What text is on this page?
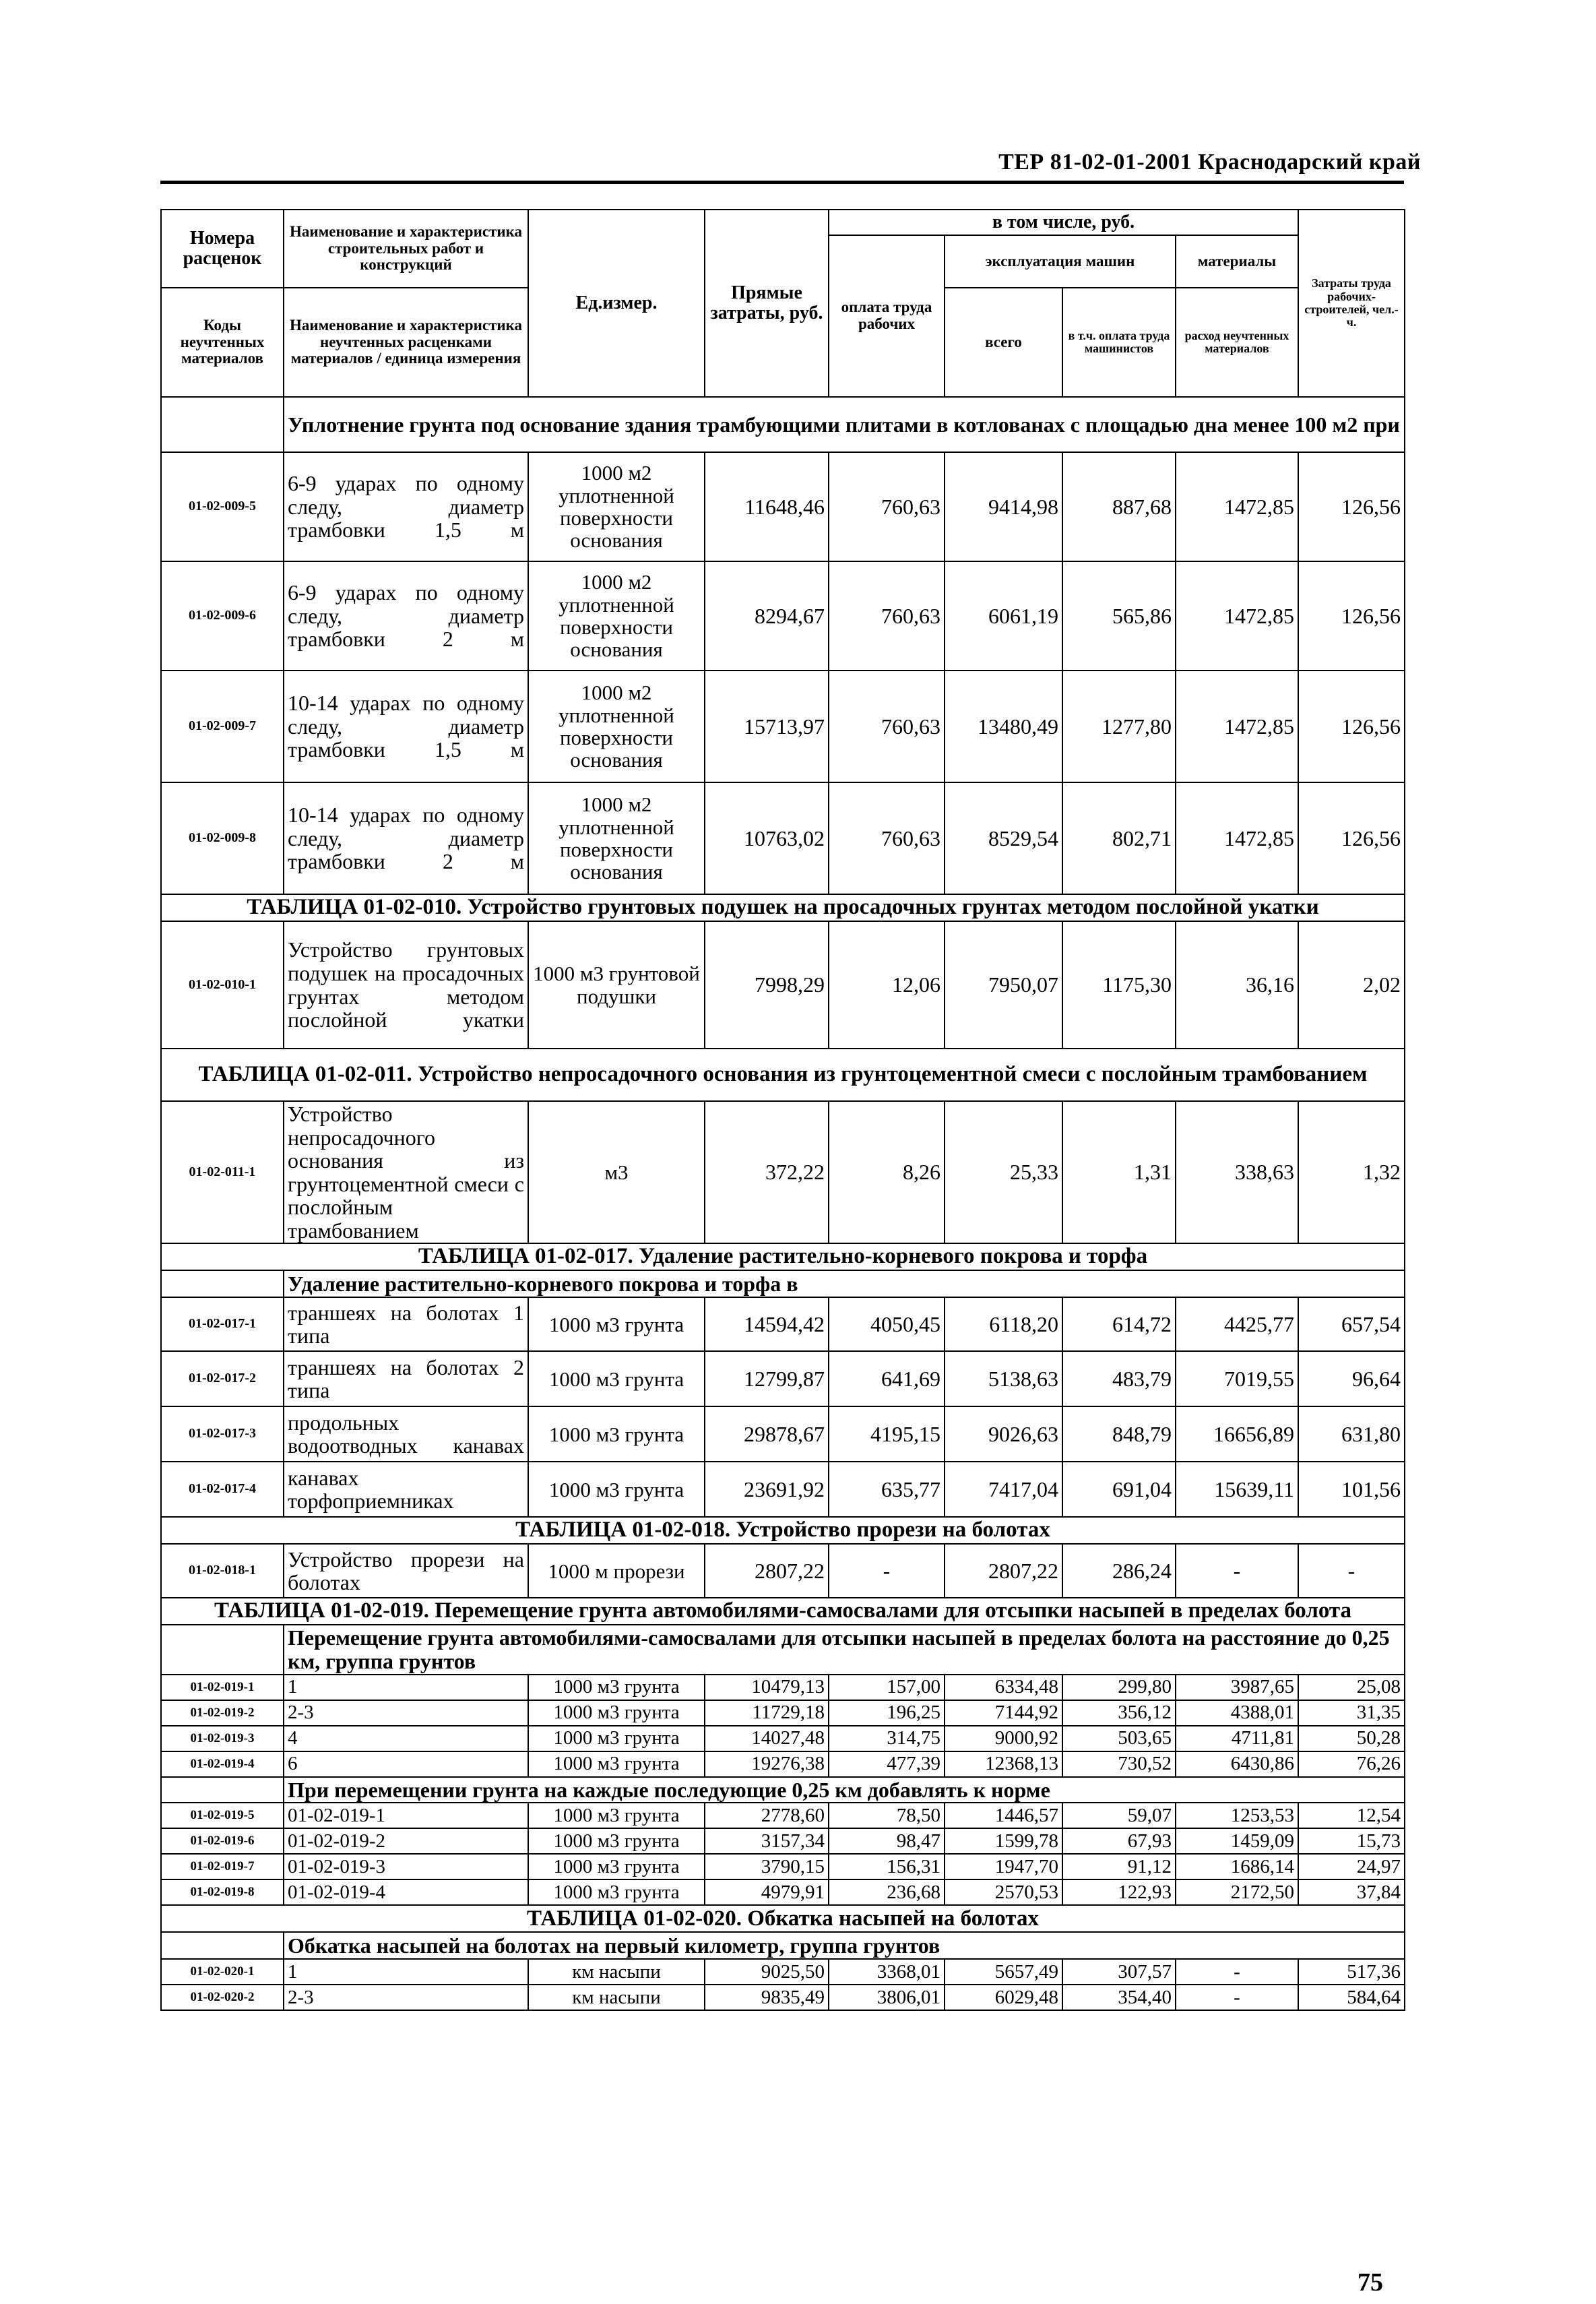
ТЕР 81-02-01-2001 Краснодарский край
Номера расценок	Наименование и характеристика строительных работ и конструкций	Ед.измер.	Прямые затраты, руб.	в том числе, руб.				Затраты труда рабочих-строителей, чел.-ч.
				оплата труда рабочих	эксплуатация машин		материалы	
Коды неучтенных материалов	Наименование и характеристика неучтенных расценками материалов / единица измерения				всего	в т.ч. оплата труда машинистов	расход неучтенных материалов	

	Уплотнение грунта под основание здания трамбующими плитами в котлованах с площадью дна менее 100 м2 при							
01-02-009-5	6-9 ударах по одному следу, диаметр трамбовки 1,5 м	1000 м2 уплотненной поверхности основания	11648,46	760,63	9414,98	887,68	1472,85	126,56
01-02-009-6	6-9 ударах по одному следу, диаметр трамбовки 2 м	1000 м2 уплотненной поверхности основания	8294,67	760,63	6061,19	565,86	1472,85	126,56
01-02-009-7	10-14 ударах по одному следу, диаметр трамбовки 1,5 м	1000 м2 уплотненной поверхности основания	15713,97	760,63	13480,49	1277,80	1472,85	126,56
01-02-009-8	10-14 ударах по одному следу, диаметр трамбовки 2 м	1000 м2 уплотненной поверхности основания	10763,02	760,63	8529,54	802,71	1472,85	126,56
ТАБЛИЦА 01-02-010. Устройство грунтовых подушек на просадочных грунтах методом послойной укатки								
01-02-010-1	Устройство грунтовых подушек на просадочных грунтах методом послойной укатки	1000 м3 грунтовой подушки	7998,29	12,06	7950,07	1175,30	36,16	2,02
ТАБЛИЦА 01-02-011. Устройство непросадочного основания из грунтоцементной смеси с послойным трамбованием								
01-02-011-1	Устройство непросадочного основания из грунтоцементной смеси с послойным трамбованием	м3	372,22	8,26	25,33	1,31	338,63	1,32
ТАБЛИЦА 01-02-017. Удаление растительно-корневого покрова и торфа								
	Удаление растительно-корневого покрова и торфа в							
01-02-017-1	траншеях на болотах 1 типа	1000 м3 грунта	14594,42	4050,45	6118,20	614,72	4425,77	657,54
01-02-017-2	траншеях на болотах 2 типа	1000 м3 грунта	12799,87	641,69	5138,63	483,79	7019,55	96,64
01-02-017-3	продольных водоотводных канавах	1000 м3 грунта	29878,67	4195,15	9026,63	848,79	16656,89	631,80
01-02-017-4	канавах торфоприемниках	1000 м3 грунта	23691,92	635,77	7417,04	691,04	15639,11	101,56
ТАБЛИЦА 01-02-018. Устройство прорези на болотах								
01-02-018-1	Устройство прорези на болотах	1000 м прорези	2807,22	-	2807,22	286,24	-	-
ТАБЛИЦА 01-02-019. Перемещение грунта автомобилями-самосвалами для отсыпки насыпей в пределах болота								
	Перемещение грунта автомобилями-самосвалами для отсыпки насыпей в пределах болота на расстояние до 0,25 км, группа грунтов							
01-02-019-1	1	1000 м3 грунта	10479,13	157,00	6334,48	299,80	3987,65	25,08
01-02-019-2	2-3	1000 м3 грунта	11729,18	196,25	7144,92	356,12	4388,01	31,35
01-02-019-3	4	1000 м3 грунта	14027,48	314,75	9000,92	503,65	4711,81	50,28
01-02-019-4	6	1000 м3 грунта	19276,38	477,39	12368,13	730,52	6430,86	76,26
	При перемещении грунта на каждые последующие 0,25 км добавлять к норме							
01-02-019-5	01-02-019-1	1000 м3 грунта	2778,60	78,50	1446,57	59,07	1253,53	12,54
01-02-019-6	01-02-019-2	1000 м3 грунта	3157,34	98,47	1599,78	67,93	1459,09	15,73
01-02-019-7	01-02-019-3	1000 м3 грунта	3790,15	156,31	1947,70	91,12	1686,14	24,97
01-02-019-8	01-02-019-4	1000 м3 грунта	4979,91	236,68	2570,53	122,93	2172,50	37,84
ТАБЛИЦА 01-02-020. Обкатка насыпей на болотах								
	Обкатка насыпей на болотах на первый километр, группа грунтов							
01-02-020-1	1	км насыпи	9025,50	3368,01	5657,49	307,57	-	517,36
01-02-020-2	2-3	км насыпи	9835,49	3806,01	6029,48	354,40	-	584,64
75
